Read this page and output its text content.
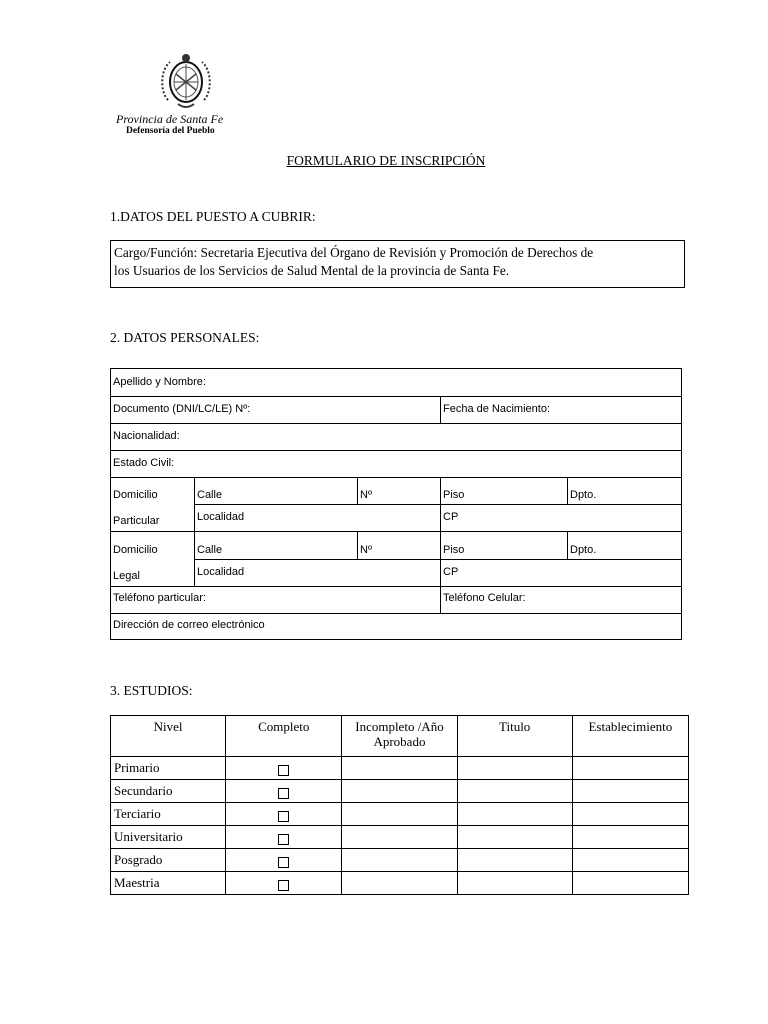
Provincia de Santa Fe
Defensoría del Pueblo
FORMULARIO DE INSCRIPCIÓN
1.DATOS DEL PUESTO A CUBRIR:
Cargo/Función: Secretaria Ejecutiva del Órgano de Revisión y Promoción de Derechos de
los Usuarios de los Servicios de Salud Mental de la provincia de Santa Fe.
2. DATOS PERSONALES:
Apellido y Nombre:
Documento (DNI/LC/LE) Nº:	Fecha de Nacimiento:
Nacionalidad:
Estado Civil:
Domicilio
Particular
Calle	Nº	Piso	Dpto.
Localidad	CP
Domicilio
Legal
Calle	Nº	Piso	Dpto.
Localidad	CP
Teléfono particular:	Teléfono Celular:
Dirección de correo electrónico
3. ESTUDIOS:
Nivel	Completo	Incompleto /Año Aprobado	Titulo	Establecimiento
Primario	

Secundario	

Terciario	

Universitario	

Posgrado	

Maestria	
